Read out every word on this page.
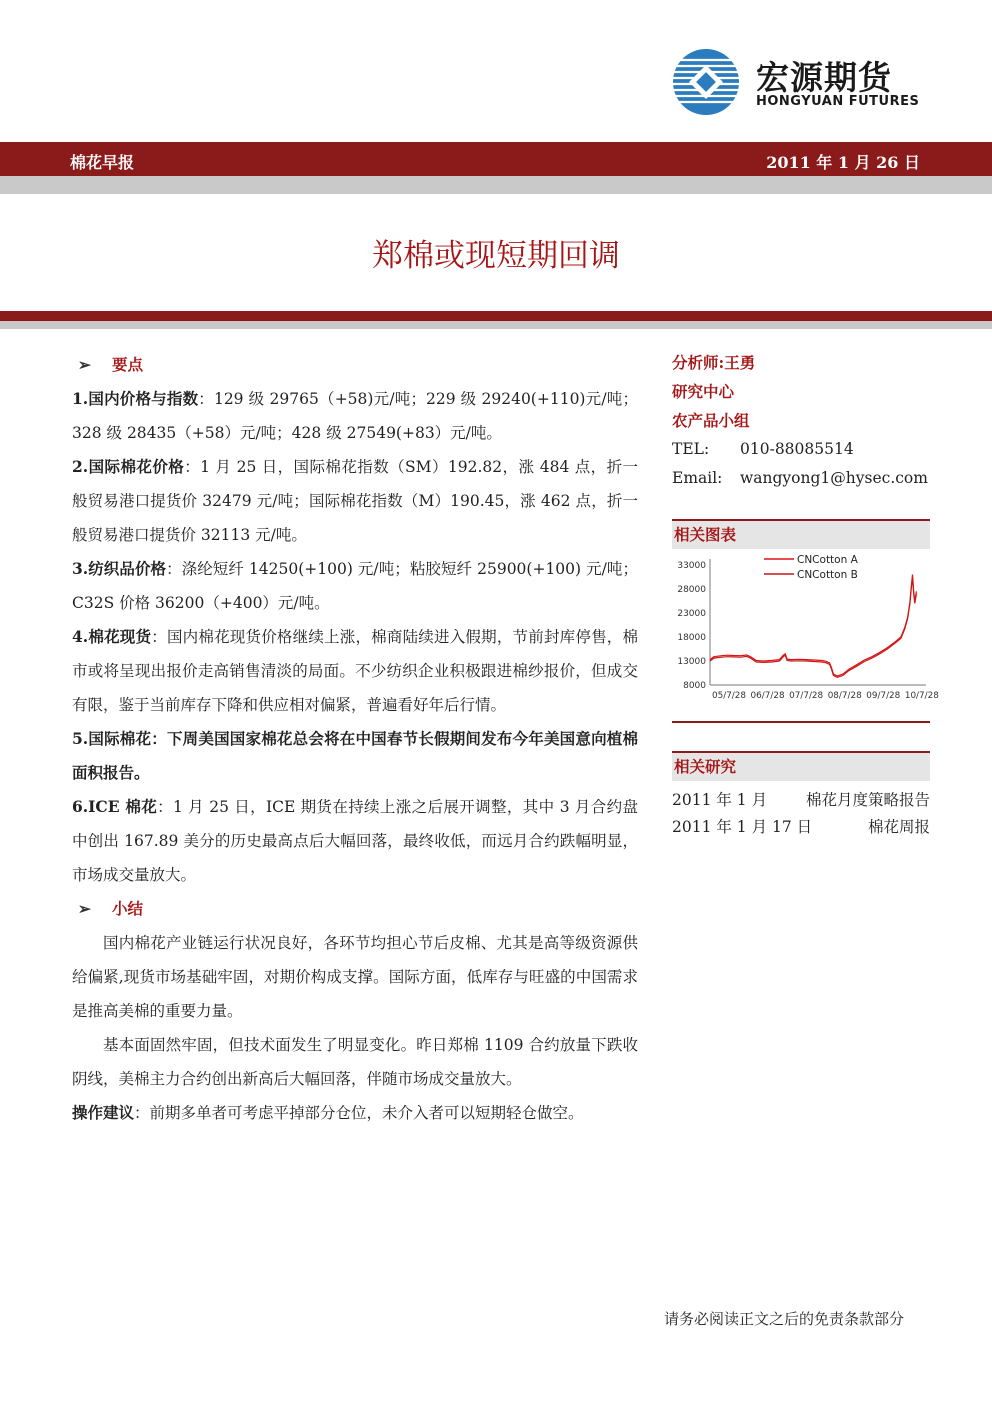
宏源期货
HONGYUAN FUTURES
棉花早报	2011 年 1 月 26 日
郑棉或现短期回调

➢ 要点

1.国内价格与指数：129 级 29765（+58)元/吨；229 级 29240(+110)元/吨；328 级 28435（+58）元/吨；428 级 27549(+83）元/吨。

2.国际棉花价格：1 月 25 日，国际棉花指数（SM）192.82，涨 484 点，折一般贸易港口提货价 32479 元/吨；国际棉花指数（M）190.45，涨 462 点，折一般贸易港口提货价 32113 元/吨。

3.纺织品价格：涤纶短纤 14250(+100) 元/吨；粘胶短纤 25900(+100) 元/吨；C32S 价格 36200（+400）元/吨。

4.棉花现货：国内棉花现货价格继续上涨，棉商陆续进入假期，节前封库停售，棉市或将呈现出报价走高销售清淡的局面。不少纺织企业积极跟进棉纱报价，但成交有限，鉴于当前库存下降和供应相对偏紧，普遍看好年后行情。

5.国际棉花：下周美国国家棉花总会将在中国春节长假期间发布今年美国意向植棉面积报告。

6.ICE 棉花：1 月 25 日，ICE 期货在持续上涨之后展开调整，其中 3 月合约盘中创出 167.89 美分的历史最高点后大幅回落，最终收低，而远月合约跌幅明显，市场成交量放大。

➢ 小结

国内棉花产业链运行状况良好，各环节均担心节后皮棉、尤其是高等级资源供给偏紧,现货市场基础牢固，对期价构成支撑。国际方面，低库存与旺盛的中国需求是推高美棉的重要力量。

基本面固然牢固，但技术面发生了明显变化。昨日郑棉 1109 合约放量下跌收阴线，美棉主力合约创出新高后大幅回落，伴随市场成交量放大。

操作建议：前期多单者可考虑平掉部分仓位，未介入者可以短期轻仓做空。

分析师:王勇
研究中心
农产品小组
TEL: 010-88085514
Email: wangyong1@hysec.com
相关图表
8000
13000
18000
23000
28000
33000
05/7/28 06/7/28 07/7/28 08/7/28 09/7/28 10/7/28
CNCotton A
CNCotton B
相关研究
2011 年 1 月	棉花月度策略报告
2011 年 1 月 17 日	棉花周报
请务必阅读正文之后的免责条款部分
